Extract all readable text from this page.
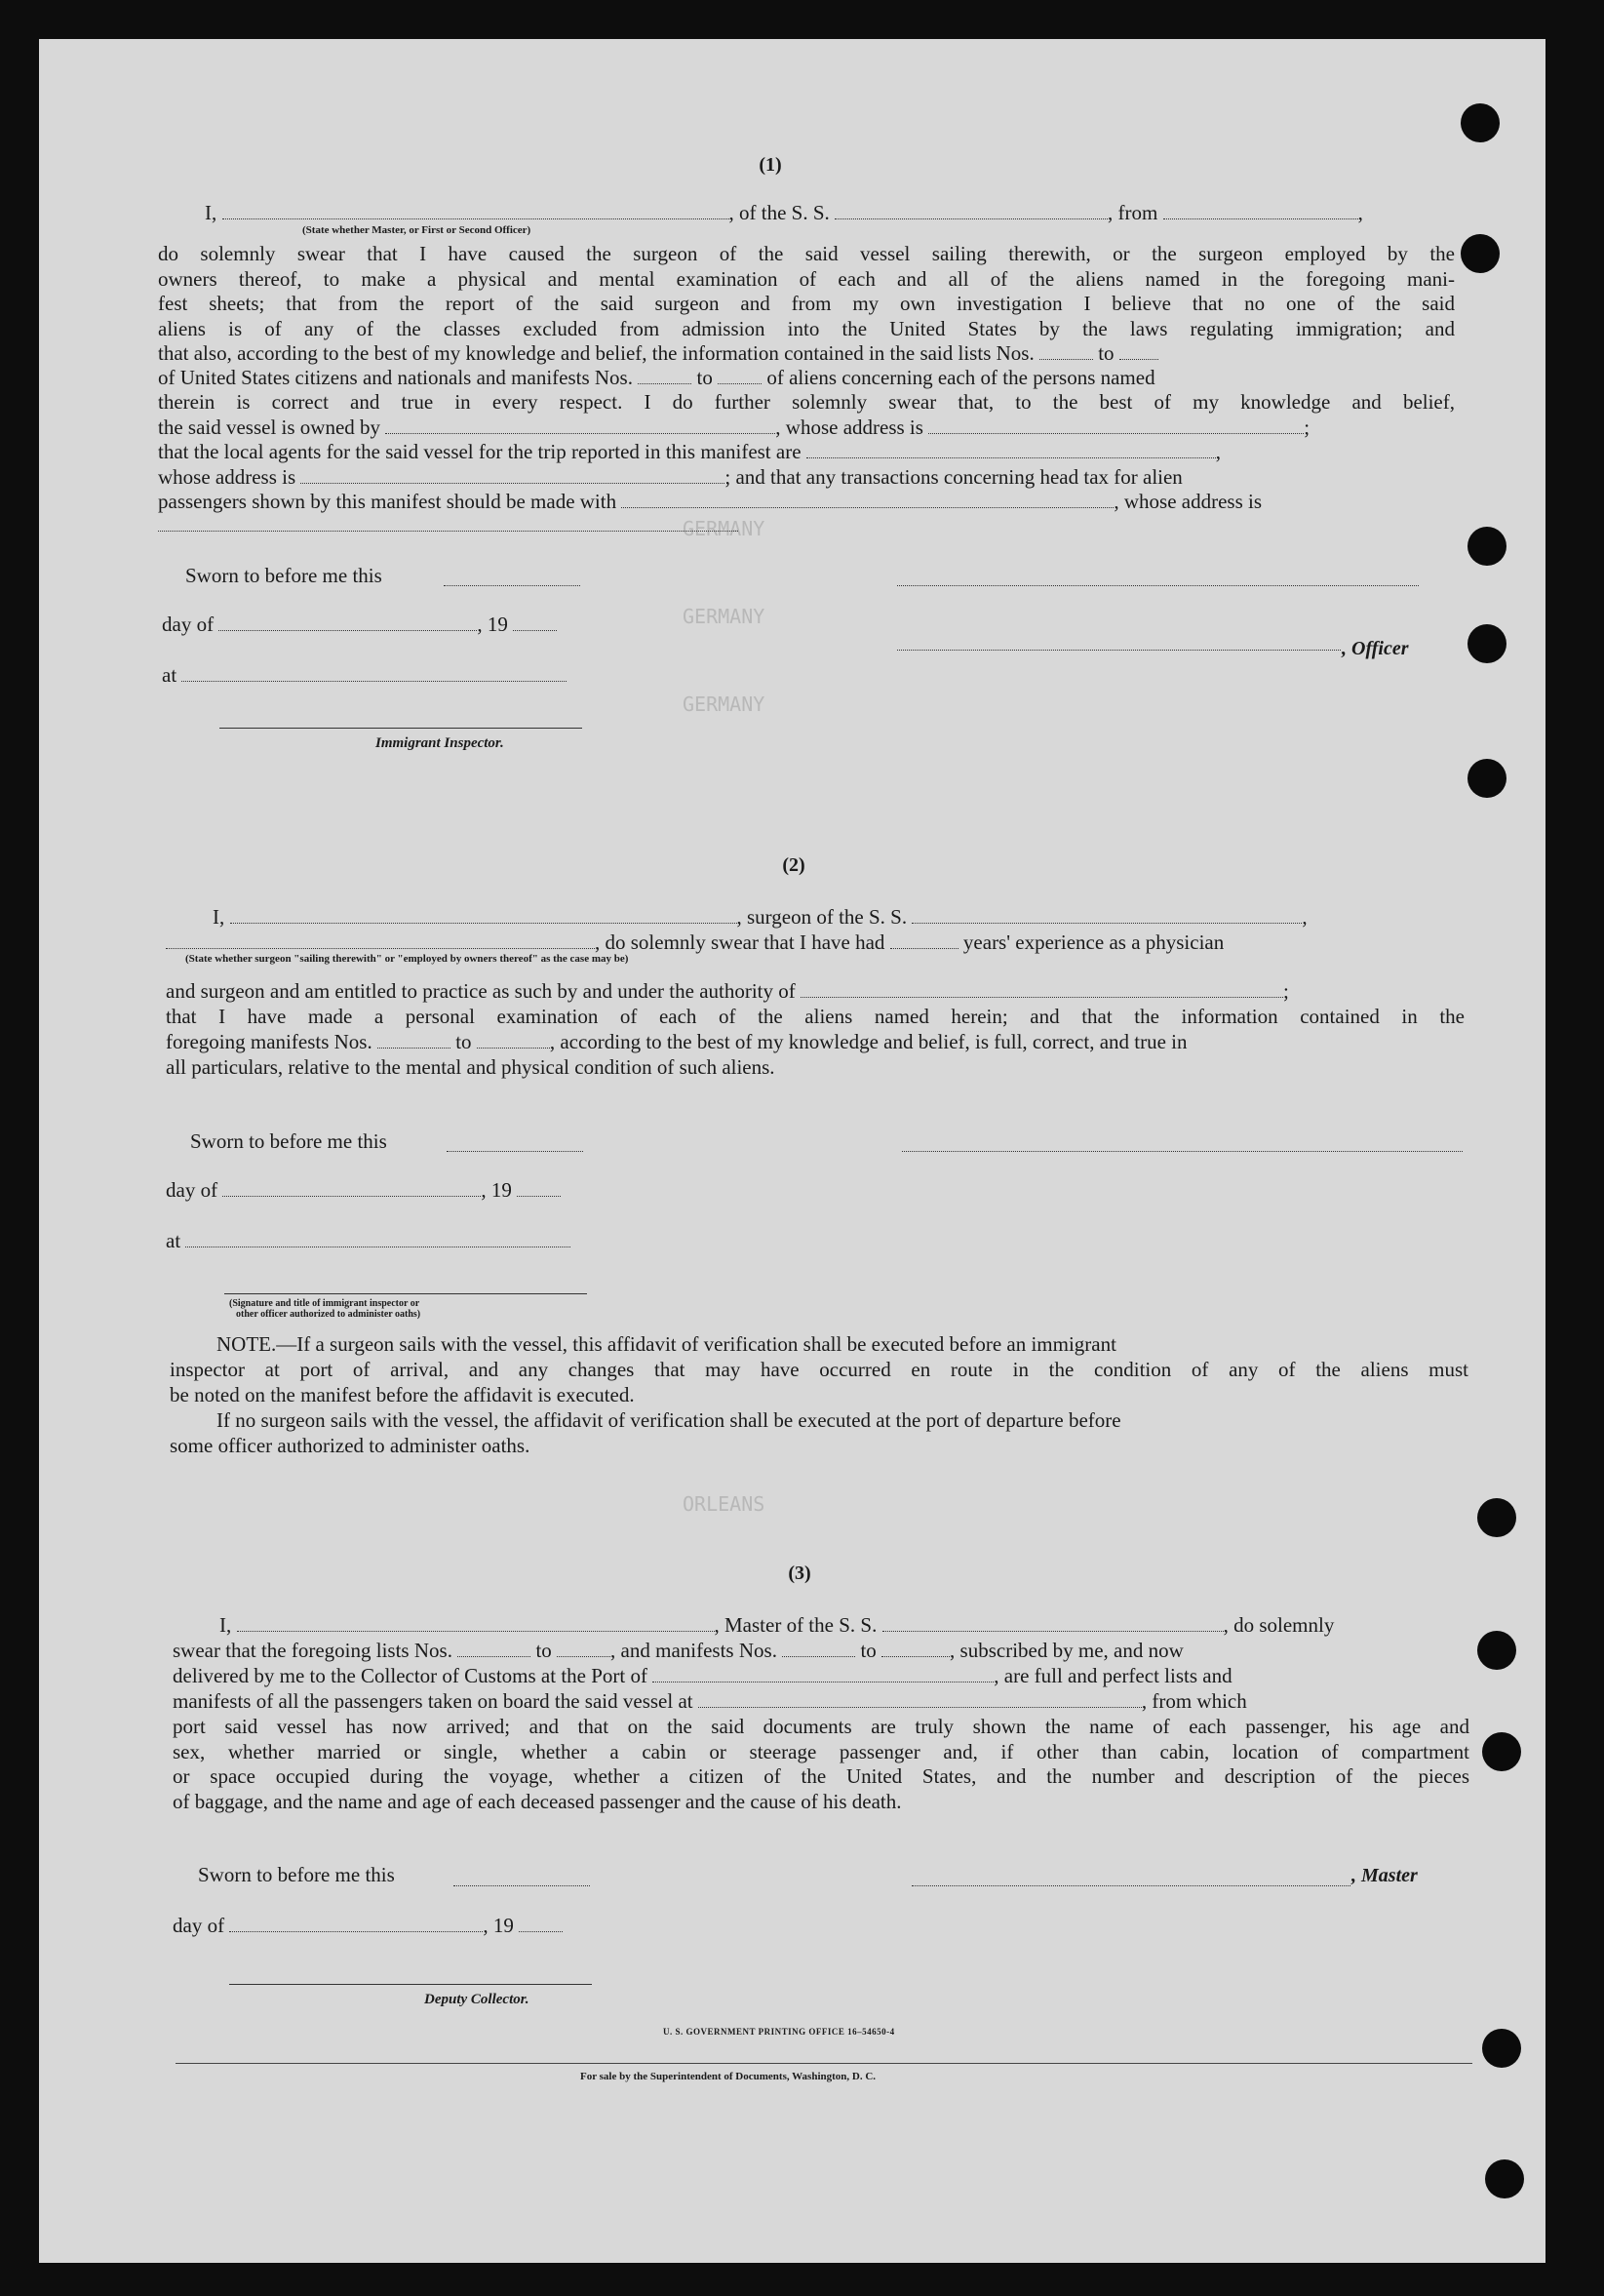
GERMANY
GERMANY
GERMANY
ORLEANS
(1)
I,	, of the S. S.	, from	,
(State whether Master, or First or Second Officer)
do solemnly swear that I have caused the surgeon of the said vessel sailing therewith, or the surgeon employed by the
owners thereof, to make a physical and mental examination of each and all of the aliens named in the foregoing mani-
fest sheets; that from the report of the said surgeon and from my own investigation I believe that no one of the said
aliens is of any of the classes excluded from admission into the United States by the laws regulating immigration; and
that also, according to the best of my knowledge and belief, the information contained in the said lists Nos.	to
of United States citizens and nationals and manifests Nos.	to	of aliens concerning each of the persons named
therein is correct and true in every respect. I do further solemnly swear that, to the best of my knowledge and belief,
the said vessel is owned by	, whose address is	;
that the local agents for the said vessel for the trip reported in this manifest are	,
whose address is	; and that any transactions concerning head tax for alien
passengers shown by this manifest should be made with	, whose address is
Sworn to before me this
day of	, 19
, Officer
at
Immigrant Inspector.
(2)
I,	, surgeon of the S. S.	,
, do solemnly swear that I have had	years' experience as a physician
(State whether surgeon "sailing therewith" or "employed by owners thereof" as the case may be)
and surgeon and am entitled to practice as such by and under the authority of	;
that I have made a personal examination of each of the aliens named herein; and that the information contained in the
foregoing manifests Nos.	to	, according to the best of my knowledge and belief, is full, correct, and true in
all particulars, relative to the mental and physical condition of such aliens.
Sworn to before me this
day of	, 19
at
(Signature and title of immigrant inspector or
other officer authorized to administer oaths)
NOTE.—If a surgeon sails with the vessel, this affidavit of verification shall be executed before an immigrant
inspector at port of arrival, and any changes that may have occurred en route in the condition of any of the aliens must
be noted on the manifest before the affidavit is executed.
If no surgeon sails with the vessel, the affidavit of verification shall be executed at the port of departure before
some officer authorized to administer oaths.
(3)
I,	, Master of the S. S.	, do solemnly
swear that the foregoing lists Nos.	to	, and manifests Nos.	to	, subscribed by me, and now
delivered by me to the Collector of Customs at the Port of	, are full and perfect lists and
manifests of all the passengers taken on board the said vessel at	, from which
port said vessel has now arrived; and that on the said documents are truly shown the name of each passenger, his age and
sex, whether married or single, whether a cabin or steerage passenger and, if other than cabin, location of compartment
or space occupied during the voyage, whether a citizen of the United States, and the number and description of the pieces
of baggage, and the name and age of each deceased passenger and the cause of his death.
Sworn to before me this	, Master
day of	, 19
Deputy Collector.
U. S. GOVERNMENT PRINTING OFFICE 16–54650-4
For sale by the Superintendent of Documents, Washington, D. C.
